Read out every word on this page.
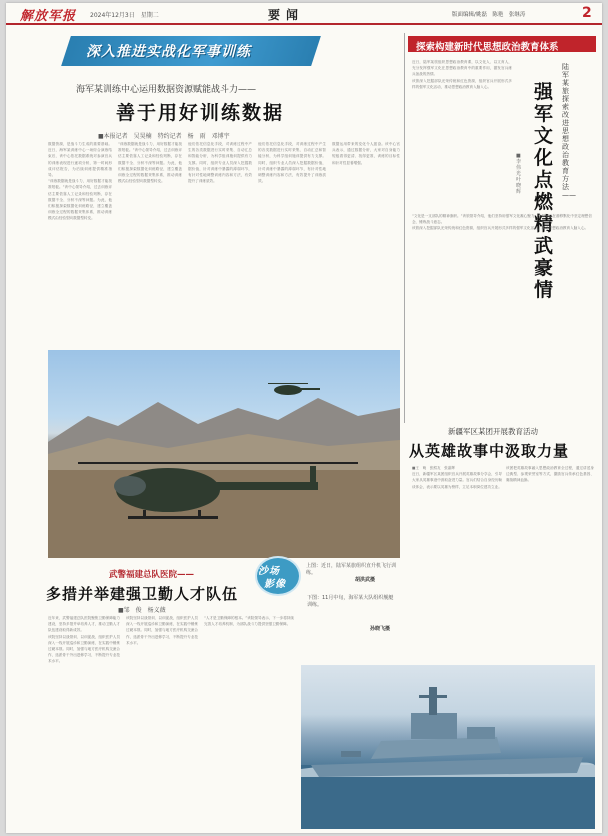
解放军报 2024年12月3日　星期二	要闻	版面编辑/姚磊　陈艳　张继涛	2
深入推进实战化军事训练
海军某训练中心运用数据资源赋能战斗力——
善于用好训练数据
■本报记者　吴昊楠　特约记者　杨　雨　邓博宇

数据资源，是战斗力生成的重要基础。近日，海军某训练中心一场综合演练结束后，该中心依托数据系统对参演官兵的训练表现进行逐项分析，第一时间形成评估报告，为后续训练提供精准指导。

“训练数据就是战斗力，用好数据才能找准短板。”该中心领导介绍，过去训练评估主要依靠人工记录和经验判断，存在数据不全、分析不深等问题。为此，他们积极探索数据化训练路径，建立覆盖训练全过程的数据采集体系，推动训练模式由经验型向数据型转变。

“训练数据就是战斗力，用好数据才能找准短板。”该中心领导介绍，过去训练评估主要依靠人工记录和经验判断，存在数据不全、分析不深等问题。为此，他们积极探索数据化训练路径，建立覆盖训练全过程的数据采集体系，推动训练模式由经验型向数据型转变。

他们依托信息化手段，对训练过程中产生的各类数据进行实时采集、自动汇总和智能分析，为科学组训施训提供有力支撑。同时，组织专业人员深入挖掘数据价值，针对训练中暴露的薄弱环节，有针对性地调整训练内容和方法，有效提升了训练质效。

他们依托信息化手段，对训练过程中产生的各类数据进行实时采集、自动汇总和智能分析，为科学组训施训提供有力支撑。同时，组织专业人员深入挖掘数据价值，针对训练中暴露的薄弱环节，有针对性地调整训练内容和方法，有效提升了训练质效。

数据运用带来的变化令人振奋。该中心官兵表示，通过数据分析，大家对自身能力短板看得更清、找得更准，训练的目标性和针对性显著增强。

探索构建新时代思想政治教育体系
陆军某旅探索改进思想政治教育方法——
强军文化点燃精武豪情
■李伟光　叶晓辉

近日，陆军某旅组织思想政治教育课，以文化人、以文育人，充分发挥强军文化在思想政治教育中的重要作用，激发官兵练兵备战的热情。

该旅深入挖掘部队光荣传统和红色资源，组织官兵开展形式多样的强军文化活动，推动思想政治教育入脑入心。

“文化是一支部队的精神旗帜。”该旅领导介绍，他们坚持用强军文化凝心聚力，引导官兵在潜移默化中坚定理想信念、锤炼战斗意志。

该旅深入挖掘部队光荣传统和红色资源，组织官兵开展形式多样的强军文化活动，推动思想政治教育入脑入心。

沙场
影像
上图：近日，陆军某旅组织直升机飞行训练。
胡洪武摄
下图：11月中旬，海军某大队组织舰艇训练。
孙晓飞摄
新疆军区某团开展教育活动
从英雄故事中汲取力量

■王　萌　张熊友　张嘉辉

近日，新疆军区某团组织官兵开展英雄故事分享会，引导大家从英雄事迹中汲取奋进力量。官兵们结合自身经历畅谈体会，表示要以英雄为榜样，立足本职岗位建功立业。

该团把英雄故事融入思想政治教育全过程，通过讲述身边典型、参观荣誉室等方式，激励官兵传承红色基因、赓续精神血脉。

武警福建总队医院——
多措并举建强卫勤人才队伍
■邹　俊　杨义薇

近年来，武警福建总队医院聚焦卫勤保障能力建设，坚持多措并举培养人才，推动卫勤人才队伍建设取得新成效。

该院坚持以战领训、以训促战，组织医护人员深入一线开展巡诊和卫勤演练，在实践中锤炼过硬本领。同时，加强与地方医疗机构交流合作，选派骨干外出进修学习，不断提升专业技术水平。

该院坚持以战领训、以训促战，组织医护人员深入一线开展巡诊和卫勤演练，在实践中锤炼过硬本领。同时，加强与地方医疗机构交流合作，选派骨干外出进修学习，不断提升专业技术水平。

“人才是卫勤保障的根本。”该院领导表示，下一步将持续完善人才培养机制，为部队战斗力提供坚强卫勤保障。
